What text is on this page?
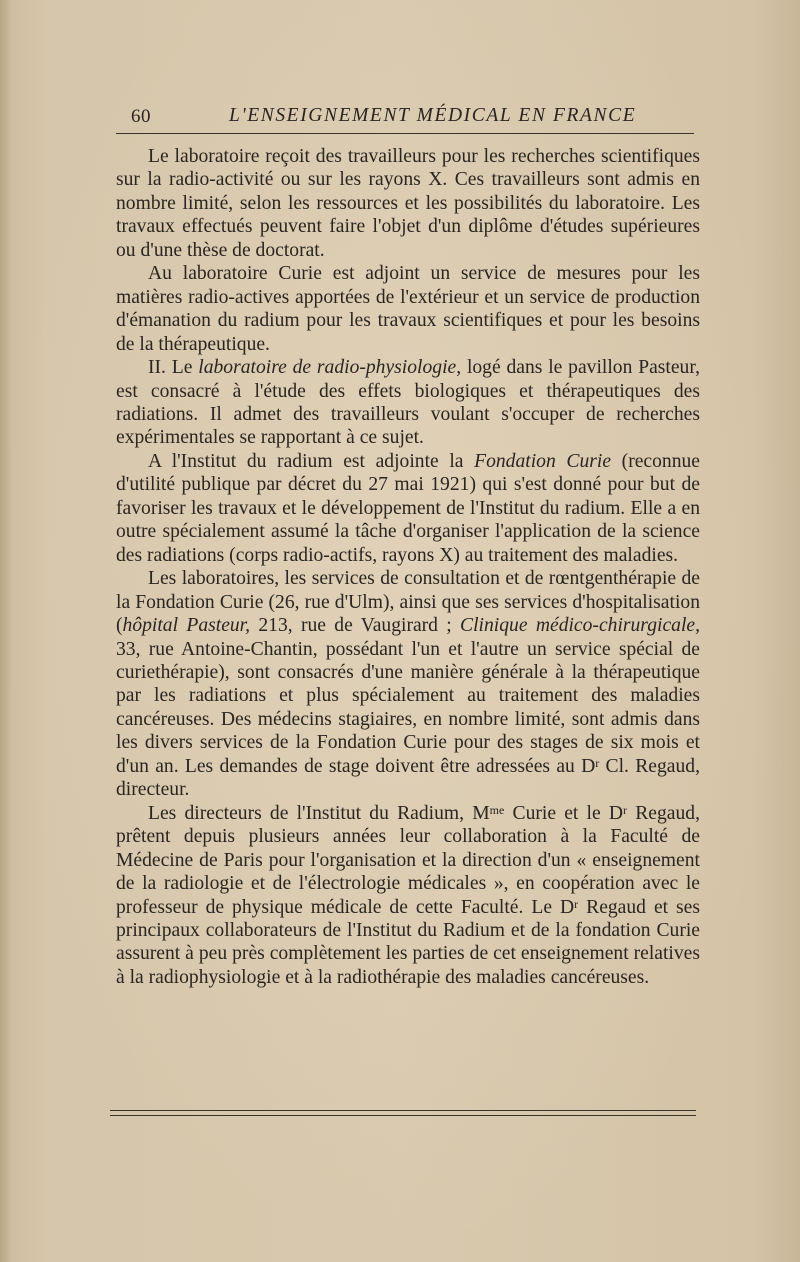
60	L'ENSEIGNEMENT MÉDICAL EN FRANCE

Le laboratoire reçoit des travailleurs pour les recherches scientifiques sur la radio-activité ou sur les rayons X. Ces travailleurs sont admis en nombre limité, selon les ressources et les possibilités du laboratoire. Les travaux effectués peuvent faire l'objet d'un diplôme d'études supérieures ou d'une thèse de doctorat.

Au laboratoire Curie est adjoint un service de mesures pour les matières radio-actives apportées de l'extérieur et un service de production d'émanation du radium pour les travaux scientifiques et pour les besoins de la thérapeutique.

II. Le laboratoire de radio-physiologie, logé dans le pavillon Pasteur, est consacré à l'étude des effets biologiques et thérapeutiques des radiations. Il admet des travailleurs voulant s'occuper de recherches expérimentales se rapportant à ce sujet.

A l'Institut du radium est adjointe la Fondation Curie (reconnue d'utilité publique par décret du 27 mai 1921) qui s'est donné pour but de favoriser les travaux et le développement de l'Institut du radium. Elle a en outre spécialement assumé la tâche d'organiser l'application de la science des radiations (corps radio-actifs, rayons X) au traitement des maladies.

Les laboratoires, les services de consultation et de rœntgenthérapie de la Fondation Curie (26, rue d'Ulm), ainsi que ses services d'hospitalisation (hôpital Pasteur, 213, rue de Vaugirard ; Clinique médico-chirurgicale, 33, rue Antoine-Chantin, possédant l'un et l'autre un service spécial de curiethérapie), sont consacrés d'une manière générale à la thérapeutique par les radiations et plus spécialement au traitement des maladies cancéreuses. Des médecins stagiaires, en nombre limité, sont admis dans les divers services de la Fondation Curie pour des stages de six mois et d'un an. Les demandes de stage doivent être adressées au $D^r$ Cl. Regaud, directeur.

Les directeurs de l'Institut du Radium, $M^{me}$ Curie et le $D^r$ Regaud, prêtent depuis plusieurs années leur collaboration à la Faculté de Médecine de Paris pour l'organisation et la direction d'un « enseignement de la radiologie et de l'électrologie médicales », en coopération avec le professeur de physique médicale de cette Faculté. Le $D^r$ Regaud et ses principaux collaborateurs de l'Institut du Radium et de la fondation Curie assurent à peu près complètement les parties de cet enseignement relatives à la radiophysiologie et à la radiothérapie des maladies cancéreuses.
